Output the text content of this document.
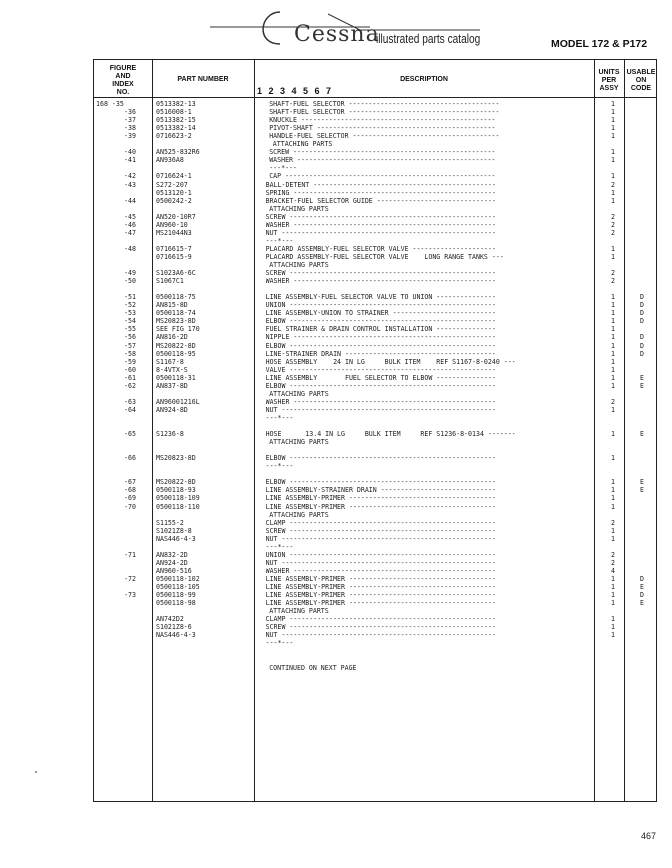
Cessna
illustrated parts catalog	MODEL 172 & P172
FIGURE
AND
INDEX
NO.
PART NUMBER	DESCRIPTION
1 2 3 4 5 6 7
UNITS
PER
ASSY
USABLE
ON
CODE
168 -35	0513382-13	SHAFT-FUEL SELECTOR --------------------------------------	1
-36	0516008-1	SHAFT-FUEL SELECTOR --------------------------------------	1
-37	0513382-15	KNUCKLE -------------------------------------------------	1
-38	0513382-14	PIVOT-SHAFT ---------------------------------------------	1
-39	0716623-2	HANDLE-FUEL SELECTOR -------------------------------------	1
ATTACHING PARTS
-40	AN525-832R6	SCREW ---------------------------------------------------	1
-41	AN936A8	WASHER --------------------------------------------------	1
---*---
-42	0716624-1	CAP -----------------------------------------------------	1
-43	S272-207	BALL-DETENT ----------------------------------------------	2
0513120-1	SPRING ---------------------------------------------------	1
-44	0500242-2	BRACKET-FUEL SELECTOR GUIDE ------------------------------	1
ATTACHING PARTS
-45	AN520-10R7	SCREW ----------------------------------------------------	2
-46	AN960-10	WASHER ---------------------------------------------------	2
-47	MS21044N3	NUT ------------------------------------------------------	2
---*---
-48	0716615-7	PLACARD ASSEMBLY-FUEL SELECTOR VALVE ---------------------	1
0716615-9	PLACARD ASSEMBLY-FUEL SELECTOR VALVE    LONG RANGE TANKS ---	1
ATTACHING PARTS
-49	S1023A6-6C	SCREW ----------------------------------------------------	2
-50	S1067C1	WASHER ---------------------------------------------------	2
-51	0500118-75	LINE ASSEMBLY-FUEL SELECTOR VALVE TO UNION ---------------	1	D
-52	AN815-8D	UNION ----------------------------------------------------	1	D
-53	0500118-74	LINE ASSEMBLY-UNION TO STRAINER --------------------------	1	D
-54	MS20823-8D	ELBOW ----------------------------------------------------	1	D
-55	SEE FIG 170	FUEL STRAINER & DRAIN CONTROL INSTALLATION ---------------	1
-56	AN816-2D	NIPPLE ---------------------------------------------------	1	D
-57	MS20822-8D	ELBOW ----------------------------------------------------	1	D
-58	0500118-95	LINE-STRAINER DRAIN --------------------------------------	1	D
-59	S1167-8	HOSE ASSEMBLY    24 IN LG     BULK ITEM    REF S1167-8-0240 ---	1
-60	8-4VTX-S	VALVE ----------------------------------------------------	1
-61	0500118-31	LINE ASSEMBLY       FUEL SELECTOR TO ELBOW ---------------	1	E
-62	AN837-8D	ELBOW ----------------------------------------------------	1	E
ATTACHING PARTS
-63	AN96001216L	WASHER ---------------------------------------------------	2
-64	AN924-8D	NUT ------------------------------------------------------	1
---*---
-65	S1236-8	HOSE      13.4 IN LG     BULK ITEM     REF S1236-8-0134 -------	1	E
ATTACHING PARTS
-66	MS20823-8D	ELBOW ----------------------------------------------------	1
---*---
-67	MS20822-8D	ELBOW ----------------------------------------------------	1	E
-68	0500118-93	LINE ASSEMBLY-STRAINER DRAIN -----------------------------	1	E
-69	0500118-109	LINE ASSEMBLY-PRIMER -------------------------------------	1
-70	0500118-110	LINE ASSEMBLY-PRIMER -------------------------------------	1
ATTACHING PARTS
S1155-2	CLAMP ----------------------------------------------------	2
S1021Z8-8	SCREW ----------------------------------------------------	1
NAS446-4-3	NUT ------------------------------------------------------	1
---*---
-71	AN832-2D	UNION ----------------------------------------------------	2
AN924-2D	NUT ------------------------------------------------------	2
AN960-516	WASHER ---------------------------------------------------	4
-72	0500118-102	LINE ASSEMBLY-PRIMER -------------------------------------	1	D
0500118-105	LINE ASSEMBLY-PRIMER -------------------------------------	1	E
-73	0500118-99	LINE ASSEMBLY-PRIMER -------------------------------------	1	D
0500118-98	LINE ASSEMBLY-PRIMER -------------------------------------	1	E
ATTACHING PARTS
AN742D2	CLAMP ----------------------------------------------------	1
S1021Z8-6	SCREW ----------------------------------------------------	1
NAS446-4-3	NUT ------------------------------------------------------	1
---*---
CONTINUED ON NEXT PAGE
467
